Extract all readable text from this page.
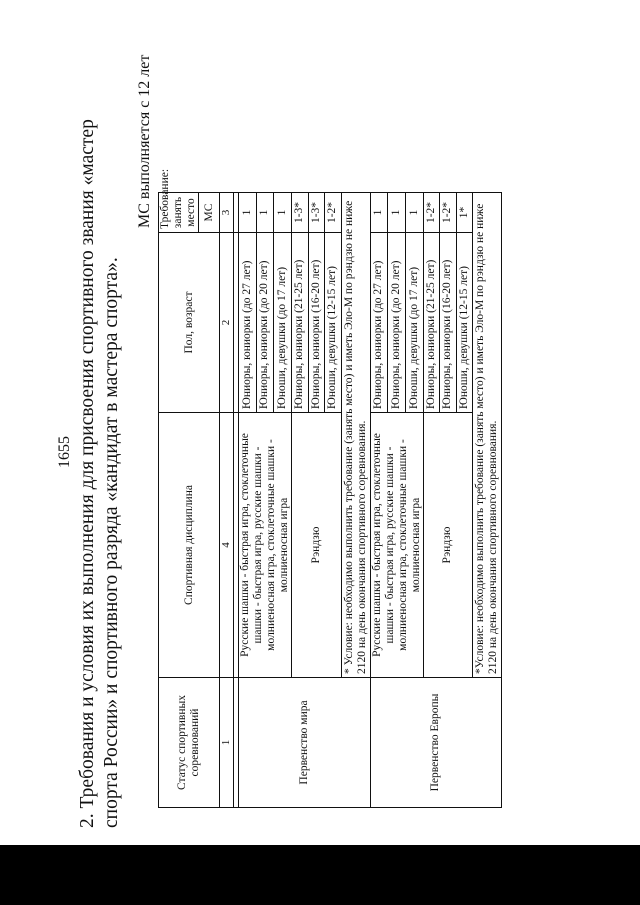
1655 2. Требования и условия их выполнения для присвоения спортивного звания «мастер спорта России» и спортивного разряда «кандидат в мастера спорта».
МС выполняется с 12 лет
Статус спортивных соревнований	Спортивная дисциплина	Пол, возраст	Требование: занять место	
			МС	
1	4	2	3	

Первенство мира	Русские шашки - быстрая игра, стоклеточные шашки - быстрая игра, русские шашки - молниеносная игра, стоклеточные шашки - молниеносная игра	Юниоры, юниорки (до 27 лет)	1	
		Юниоры, юниорки (до 20 лет)	1	
		Юноши, девушки (до 17 лет)	1	
	Рэндзю	Юниоры, юниорки (21-25 лет)	1-3*	
		Юниоры, юниорки (16-20 лет)	1-3*	
		Юноши, девушки (12-15 лет)	1-2*	
	* Условие: необходимо выполнить требование (занять место) и иметь Эло-М по рэндзю не ниже 2120 на день окончания спортивного соревнования.			
Первенство Европы	Русские шашки - быстрая игра, стоклеточные шашки - быстрая игра, русские шашки - молниеносная игра, стоклеточные шашки - молниеносная игра	Юниоры, юниорки (до 27 лет)	1	
		Юниоры, юниорки (до 20 лет)	1	
		Юноши, девушки (до 17 лет)	1	
	Рэндзю	Юниоры, юниорки (21-25 лет)	1-2*	
		Юниоры, юниорки (16-20 лет)	1-2*	
		Юноши, девушки (12-15 лет)	1*	
	*Условие: необходимо выполнить требование (занять место) и иметь Эло-М по рэндзю не ниже 2120 на день окончания спортивного соревнования.			
